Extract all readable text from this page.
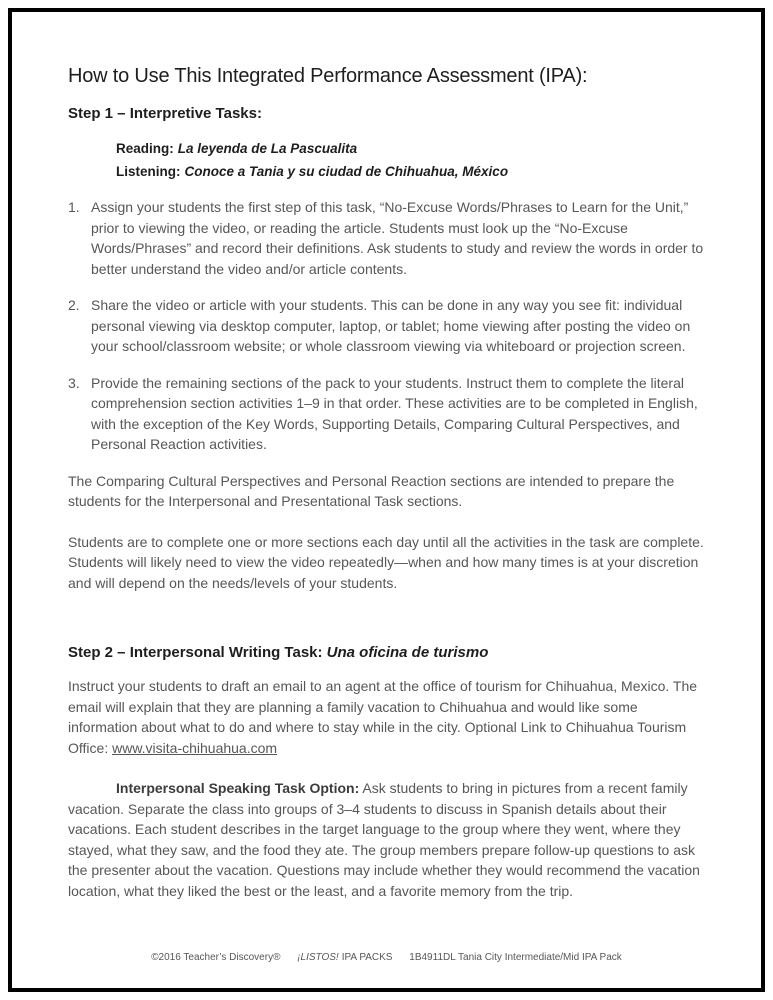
How to Use This Integrated Performance Assessment (IPA):
Step 1 – Interpretive Tasks:

Reading: La leyenda de La Pascualita

Listening: Conoce a Tania y su ciudad de Chihuahua, México

1. Assign your students the first step of this task, “No-Excuse Words/Phrases to Learn for the Unit,” prior to viewing the video, or reading the article. Students must look up the “No-Excuse Words/Phrases” and record their definitions. Ask students to study and review the words in order to better understand the video and/or article contents.
2. Share the video or article with your students. This can be done in any way you see fit: individual personal viewing via desktop computer, laptop, or tablet; home viewing after posting the video on your school/classroom website; or whole classroom viewing via whiteboard or projection screen.
3. Provide the remaining sections of the pack to your students. Instruct them to complete the literal comprehension section activities 1–9 in that order. These activities are to be completed in English, with the exception of the Key Words, Supporting Details, Comparing Cultural Perspectives, and Personal Reaction activities.

The Comparing Cultural Perspectives and Personal Reaction sections are intended to prepare the students for the Interpersonal and Presentational Task sections.

Students are to complete one or more sections each day until all the activities in the task are complete. Students will likely need to view the video repeatedly—when and how many times is at your discretion and will depend on the needs/levels of your students.

Step 2 – Interpersonal Writing Task: Una oficina de turismo

Instruct your students to draft an email to an agent at the office of tourism for Chihuahua, Mexico. The email will explain that they are planning a family vacation to Chihuahua and would like some information about what to do and where to stay while in the city. Optional Link to Chihuahua Tourism Office: www.visita-chihuahua.com

Interpersonal Speaking Task Option: Ask students to bring in pictures from a recent family vacation. Separate the class into groups of 3–4 students to discuss in Spanish details about their vacations. Each student describes in the target language to the group where they went, where they stayed, what they saw, and the food they ate. The group members prepare follow-up questions to ask the presenter about the vacation. Questions may include whether they would recommend the vacation location, what they liked the best or the least, and a favorite memory from the trip.

©2016 Teacher’s Discovery® ¡LISTOS! IPA PACKS 1B4911DL Tania City Intermediate/Mid IPA Pack
